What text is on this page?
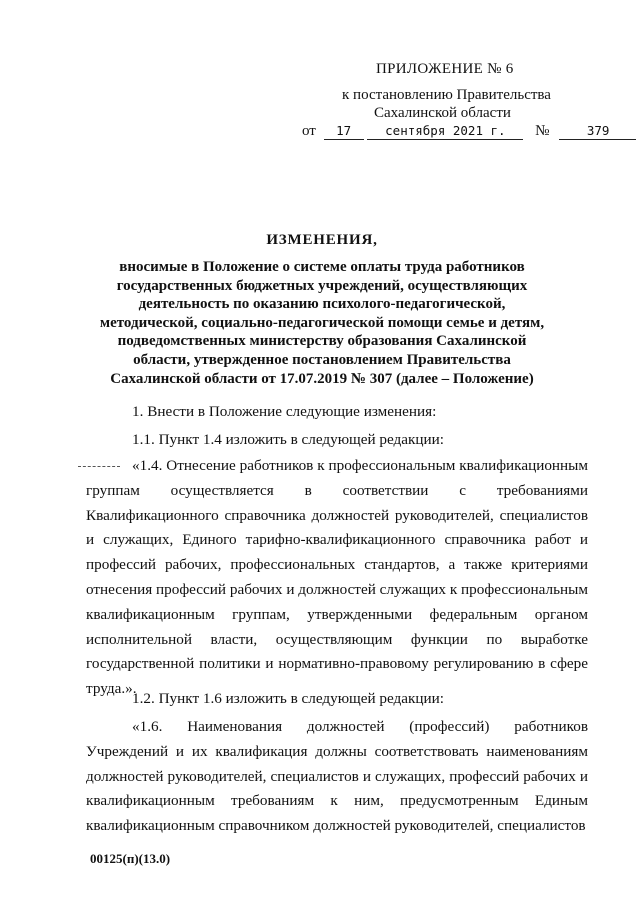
ПРИЛОЖЕНИЕ № 6
к постановлению Правительства
Сахалинской области
от 17	сентября 2021 г. №	379
ИЗМЕНЕНИЯ,
вносимые в Положение о системе оплаты труда работников государственных бюджетных учреждений, осуществляющих деятельность по оказанию психолого-педагогической, методической, социально-педагогической помощи семье и детям, подведомственных министерству образования Сахалинской области, утвержденное постановлением Правительства Сахалинской области от 17.07.2019 № 307 (далее – Положение)

1. Внести в Положение следующие изменения:

1.1. Пункт 1.4 изложить в следующей редакции:

«1.4. Отнесение работников к профессиональным квалификационным группам осуществляется в соответствии с требованиями Квалификационного справочника должностей руководителей, специалистов и служащих, Единого тарифно-квалификационного справочника работ и профессий рабочих, профессиональных стандартов, а также критериями отнесения профессий рабочих и должностей служащих к профессиональным квалификационным группам, утвержденными федеральным органом исполнительной власти, осуществляющим функции по выработке государственной политики и нормативно-правовому регулированию в сфере труда.».

1.2. Пункт 1.6 изложить в следующей редакции:

«1.6. Наименования должностей (профессий) работников Учреждений и их квалификация должны соответствовать наименованиям должностей руководителей, специалистов и служащих, профессий рабочих и квалификационным требованиям к ним, предусмотренным Единым квалификационным справочником должностей руководителей, специалистов

00125(п)(13.0)
